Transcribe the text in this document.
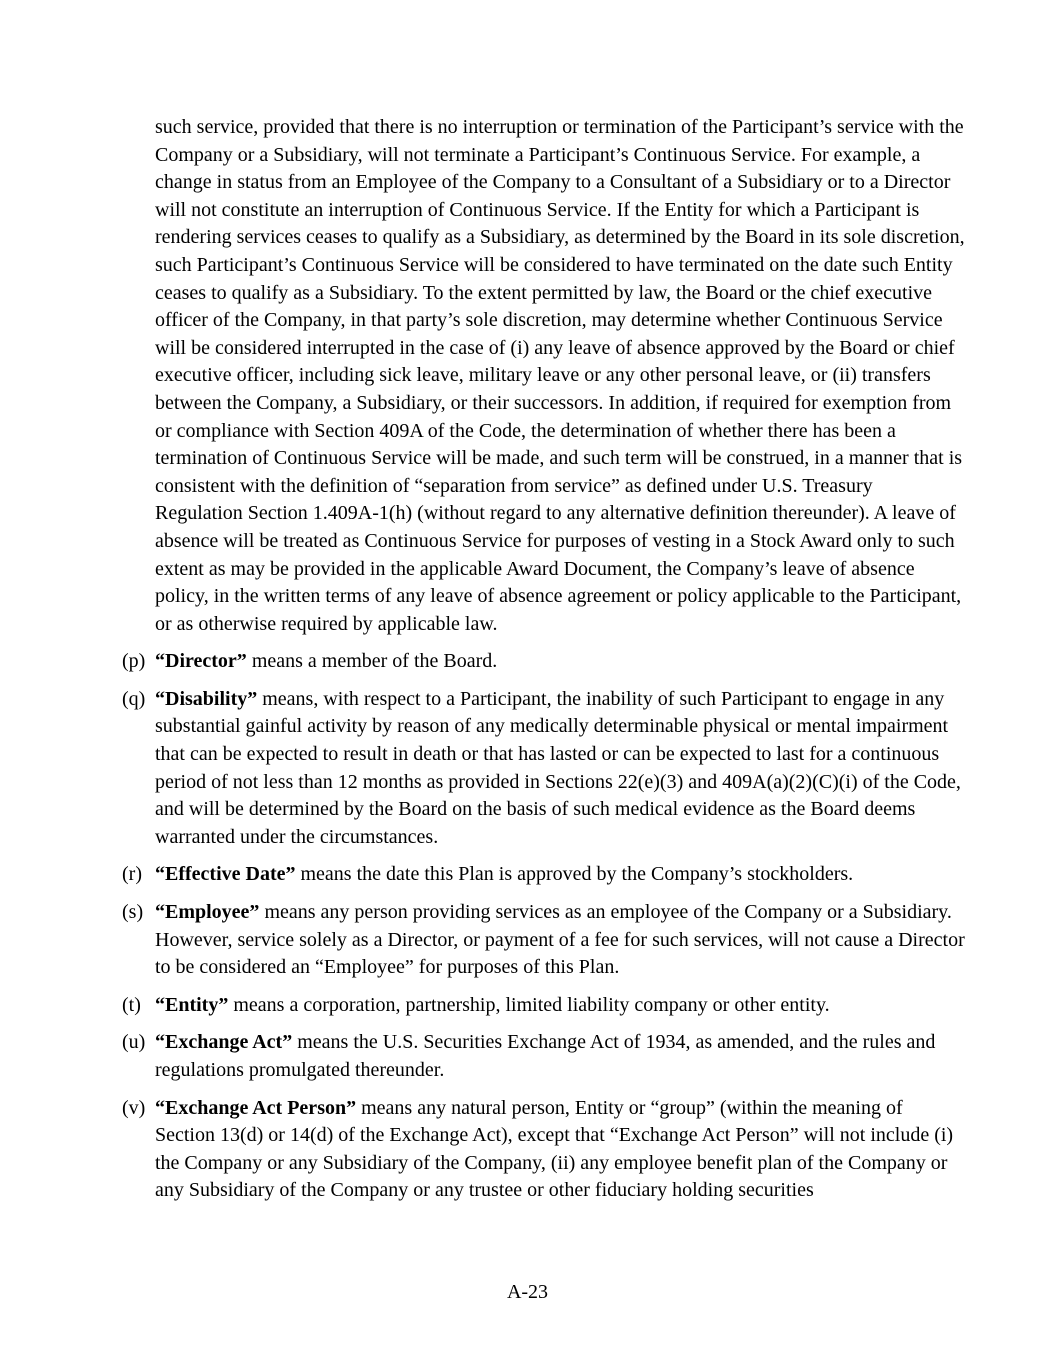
such service, provided that there is no interruption or termination of the Participant’s service with the Company or a Subsidiary, will not terminate a Participant’s Continuous Service. For example, a change in status from an Employee of the Company to a Consultant of a Subsidiary or to a Director will not constitute an interruption of Continuous Service. If the Entity for which a Participant is rendering services ceases to qualify as a Subsidiary, as determined by the Board in its sole discretion, such Participant’s Continuous Service will be considered to have terminated on the date such Entity ceases to qualify as a Subsidiary. To the extent permitted by law, the Board or the chief executive officer of the Company, in that party’s sole discretion, may determine whether Continuous Service will be considered interrupted in the case of (i) any leave of absence approved by the Board or chief executive officer, including sick leave, military leave or any other personal leave, or (ii) transfers between the Company, a Subsidiary, or their successors. In addition, if required for exemption from or compliance with Section 409A of the Code, the determination of whether there has been a termination of Continuous Service will be made, and such term will be construed, in a manner that is consistent with the definition of “separation from service” as defined under U.S. Treasury Regulation Section 1.409A-1(h) (without regard to any alternative definition thereunder). A leave of absence will be treated as Continuous Service for purposes of vesting in a Stock Award only to such extent as may be provided in the applicable Award Document, the Company’s leave of absence policy, in the written terms of any leave of absence agreement or policy applicable to the Participant, or as otherwise required by applicable law.

(p) “Director” means a member of the Board.
(q) “Disability” means, with respect to a Participant, the inability of such Participant to engage in any substantial gainful activity by reason of any medically determinable physical or mental impairment that can be expected to result in death or that has lasted or can be expected to last for a continuous period of not less than 12 months as provided in Sections 22(e)(3) and 409A(a)(2)(C)(i) of the Code, and will be determined by the Board on the basis of such medical evidence as the Board deems warranted under the circumstances.
(r) “Effective Date” means the date this Plan is approved by the Company’s stockholders.
(s) “Employee” means any person providing services as an employee of the Company or a Subsidiary. However, service solely as a Director, or payment of a fee for such services, will not cause a Director to be considered an “Employee” for purposes of this Plan.
(t) “Entity” means a corporation, partnership, limited liability company or other entity.
(u) “Exchange Act” means the U.S. Securities Exchange Act of 1934, as amended, and the rules and regulations promulgated thereunder.
(v) “Exchange Act Person” means any natural person, Entity or “group” (within the meaning of Section 13(d) or 14(d) of the Exchange Act), except that “Exchange Act Person” will not include (i) the Company or any Subsidiary of the Company, (ii) any employee benefit plan of the Company or any Subsidiary of the Company or any trustee or other fiduciary holding securities
A-23
